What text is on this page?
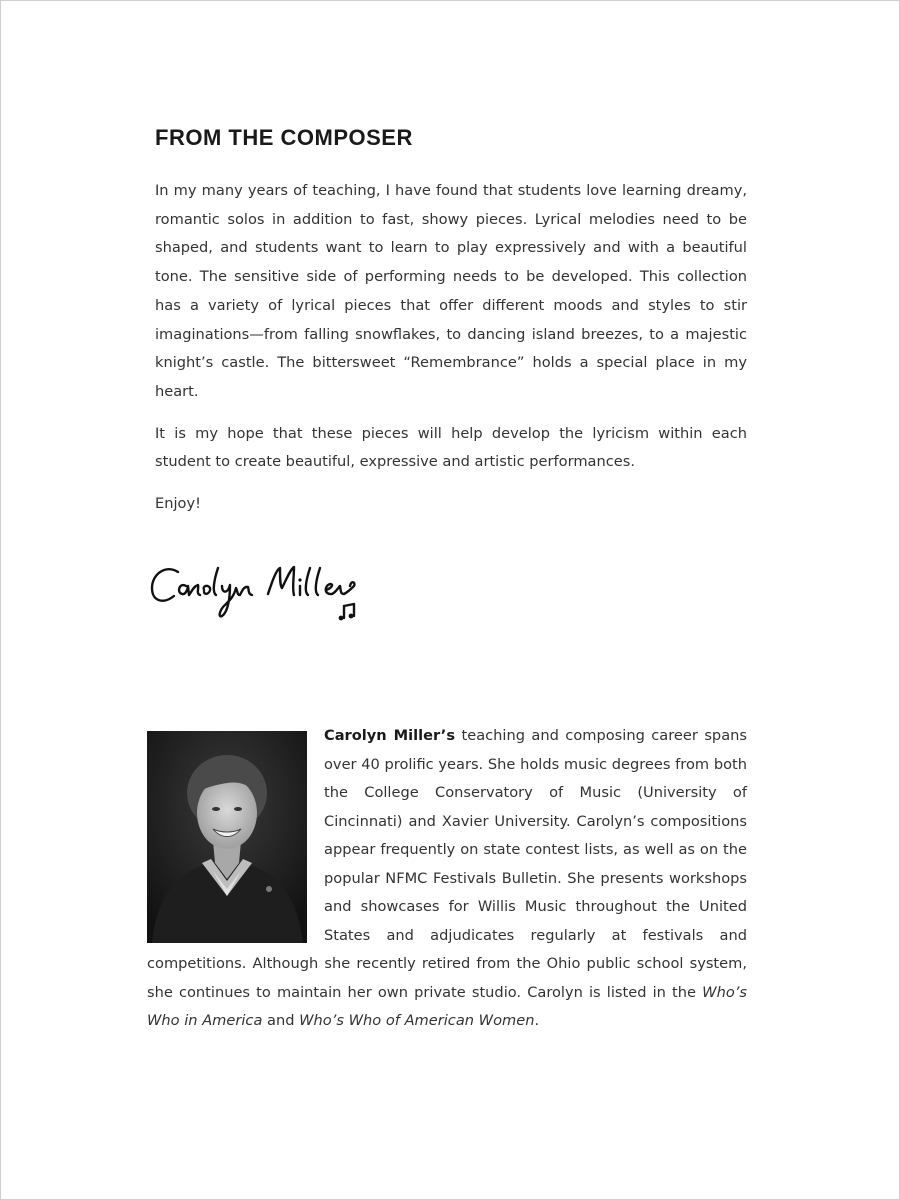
FROM THE COMPOSER

In my many years of teaching, I have found that students love learning dreamy, romantic solos in addition to fast, showy pieces. Lyrical melodies need to be shaped, and students want to learn to play expressively and with a beautiful tone. The sensitive side of performing needs to be developed. This collection has a variety of lyrical pieces that offer different moods and styles to stir imaginations—from falling snowflakes, to dancing island breezes, to a majestic knight’s castle. The bittersweet “Remembrance” holds a special place in my heart.

It is my hope that these pieces will help develop the lyricism within each student to create beautiful, expressive and artistic performances.

Enjoy!

Carolyn Miller’s teaching and composing career spans over 40 prolific years. She holds music degrees from both the College Conservatory of Music (University of Cincinnati) and Xavier University. Carolyn’s compositions appear frequently on state contest lists, as well as on the popular NFMC Festivals Bulletin. She presents workshops and showcases for Willis Music throughout the United States and adjudicates regularly at festivals and competitions. Although she recently retired from the Ohio public school system, she continues to maintain her own private studio. Carolyn is listed in the Who’s Who in America and Who’s Who of American Women.
